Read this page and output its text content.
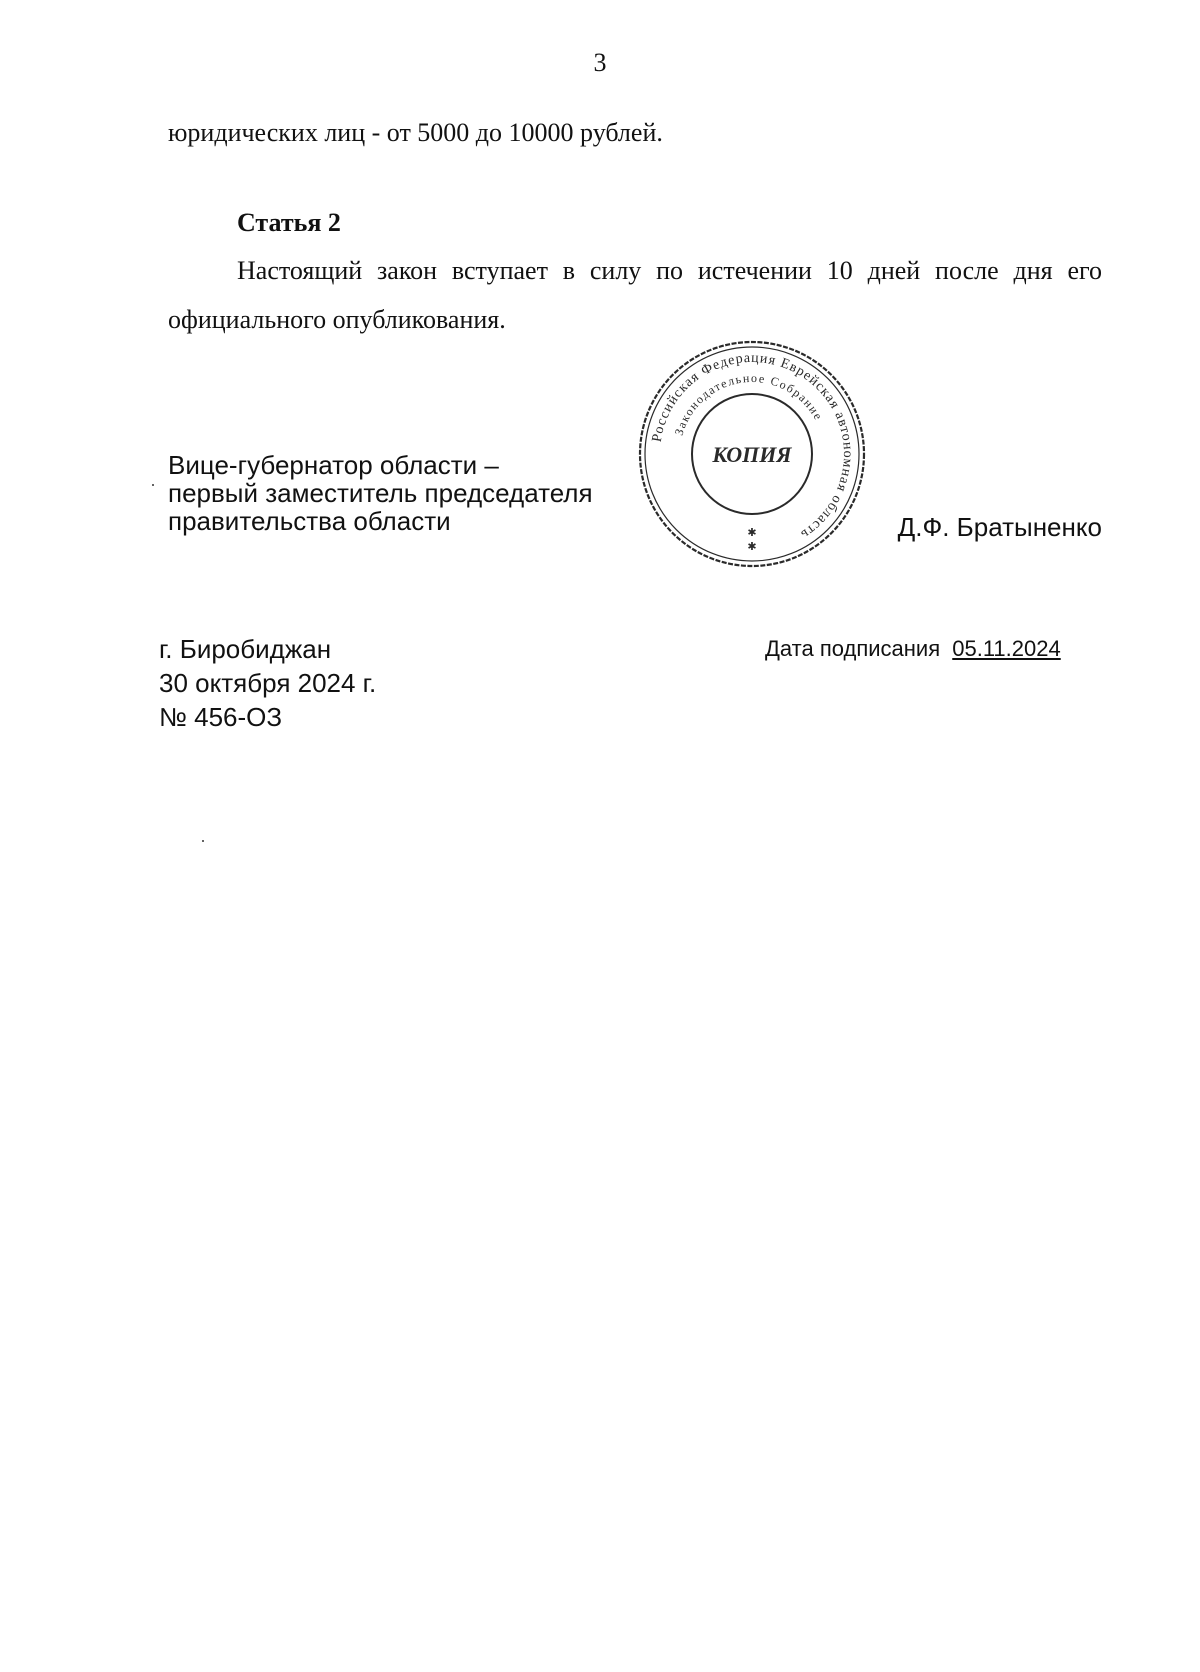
3
юридических лиц - от 5000 до 10000 рублей.
Статья 2
Настоящий закон вступает в силу по истечении 10 дней после дня его
официального опубликования.
Вице-губернатор области –
первый заместитель председателя
правительства области
Российская Федерация Еврейская автономная область
Законодательное Собрание
КОПИЯ
✱
✱
Д.Ф. Братыненко
г. Биробиджан
30 октября 2024 г.
№ 456-ОЗ
Дата подписания 05.11.2024
